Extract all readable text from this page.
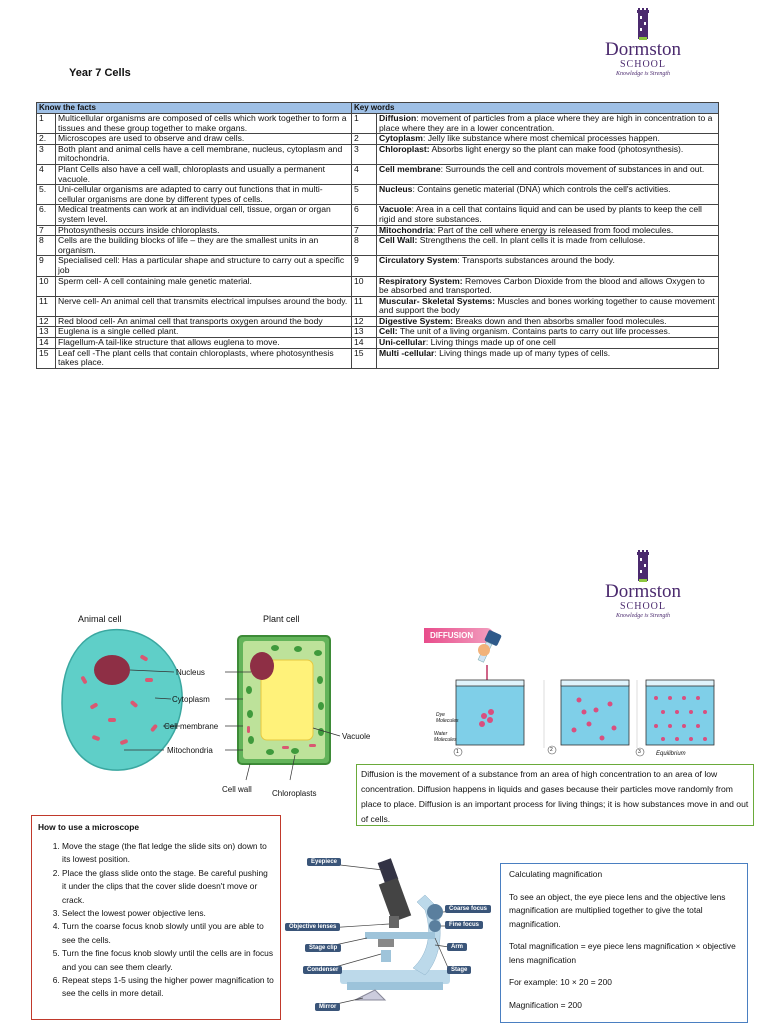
Dormston
SCHOOL
Knowledge is Strength
Year 7 Cells
Know the facts		Key words	
1	Multicellular organisms are composed of cells which work together to form a tissues and these group together to make organs.	1	Diffusion: movement of particles from a place where they are high in concentration to a place where they are in a lower concentration.
2.	Microscopes are used to observe and draw cells.	2	Cytoplasm: Jelly like substance where most chemical processes happen.
3	Both plant and animal cells have a cell membrane, nucleus, cytoplasm and mitochondria.	3	Chloroplast: Absorbs light energy so the plant can make food (photosynthesis).
4	Plant Cells also have a cell wall, chloroplasts and usually a permanent vacuole.	4	Cell membrane: Surrounds the cell and controls movement of substances in and out.
5.	Uni-cellular organisms are adapted to carry out functions that in multi-cellular organisms are done by different types of cells.	5	Nucleus: Contains genetic material (DNA) which controls the cell's activities.
6.	Medical treatments can work at an individual cell, tissue, organ or organ system level.	6	Vacuole: Area in a cell that contains liquid and can be used by plants to keep the cell rigid and store substances.
7	Photosynthesis occurs inside chloroplasts.	7	Mitochondria: Part of the cell where energy is released from food molecules.
8	Cells are the building blocks of life – they are the smallest units in an organism.	8	Cell Wall: Strengthens the cell. In plant cells it is made from cellulose.
9	Specialised cell: Has a particular shape and structure to carry out a specific job	9	Circulatory System: Transports substances around the body.
10	Sperm cell- A cell containing male genetic material.	10	Respiratory System: Removes Carbon Dioxide from the blood and allows Oxygen to be absorbed and transported.
11	Nerve cell- An animal cell that transmits electrical impulses around the body.	11	Muscular- Skeletal Systems: Muscles and bones working together to cause movement and support the body
12	Red blood cell- An animal cell that transports oxygen around the body	12	Digestive System: Breaks down and then absorbs smaller food molecules.
13	Euglena is a single celled plant.	13	Cell: The unit of a living organism. Contains parts to carry out life processes.
14	Flagellum-A tail-like structure that allows euglena to move.	14	Uni-cellular: Living things made up of one cell
15	Leaf cell -The plant cells that contain chloroplasts, where photosynthesis takes place.	15	Multi -cellular: Living things made up of many types of cells.
Dormston
SCHOOL
Knowledge is Strength
Animal cell	Plant cell
Nucleus
Cytoplasm
Cell membrane
Mitochondria
Vacuole
Cell wall	Chloroplasts
DIFFUSION
Dye Molecules
Water Molecules
1	2	3	Equilibrium
Diffusion is the movement of a substance from an area of high concentration to an area of low concentration. Diffusion happens in liquids and gases because their particles move randomly from place to place. Diffusion is an important process for living things; it is how substances move in and out of cells.
How to use a microscope
1. Move the stage (the flat ledge the slide sits on) down to its lowest position.
2. Place the glass slide onto the stage. Be careful pushing it under the clips that the cover slide doesn't move or crack.
3. Select the lowest power objective lens.
4. Turn the coarse focus knob slowly until you are able to see the cells.
5. Turn the fine focus knob slowly until the cells are in focus and you can see them clearly.
6. Repeat steps 1-5 using the higher power magnification to see the cells in more detail.
Eyepiece
Objective lenses
Stage clip
Condenser
Mirror
Coarse focus
Fine focus
Arm
Stage

Calculating magnification

To see an object, the eye piece lens and the objective lens magnification are multiplied together to give the total magnification.

Total magnification = eye piece lens magnification × objective lens magnification

For example: 10 × 20 = 200

Magnification = 200
